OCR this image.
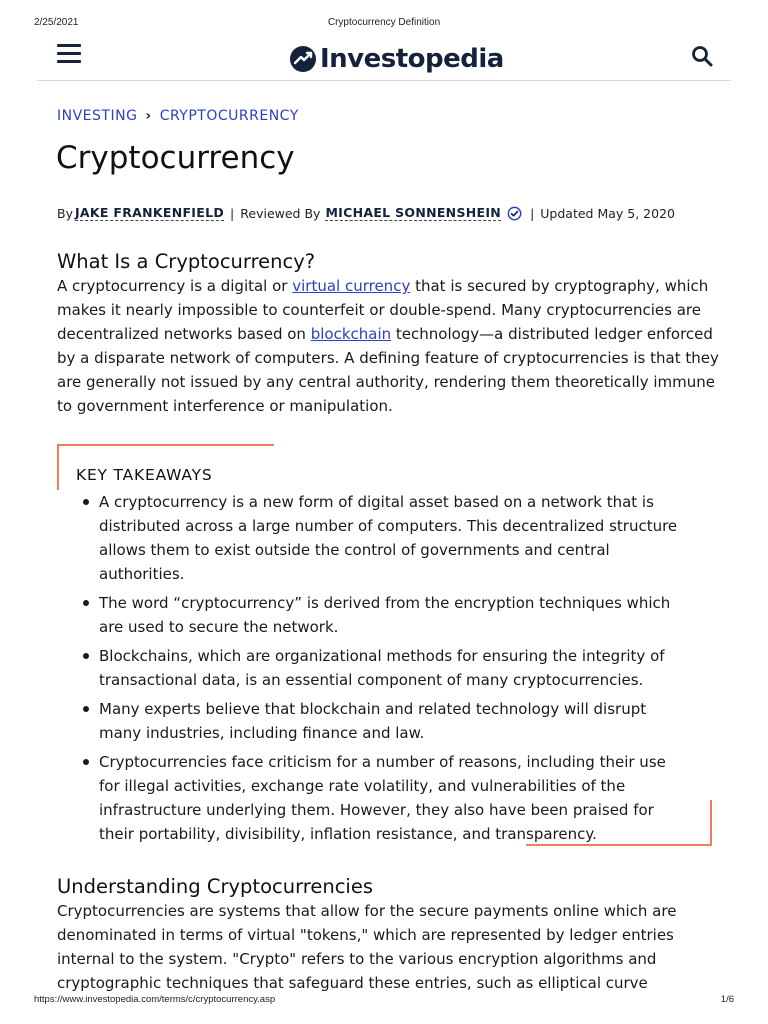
2/25/2021	Cryptocurrency Definition
Investopedia
INVESTING › CRYPTOCURRENCY
Cryptocurrency
By JAKE FRANKENFIELD | Reviewed By MICHAEL SONNENSHEIN | Updated May 5, 2020
What Is a Cryptocurrency?

A cryptocurrency is a digital or virtual currency that is secured by cryptography, which makes it nearly impossible to counterfeit or double-spend. Many cryptocurrencies are decentralized networks based on blockchain technology—a distributed ledger enforced by a disparate network of computers. A defining feature of cryptocurrencies is that they are generally not issued by any central authority, rendering them theoretically immune to government interference or manipulation.

KEY TAKEAWAYS
A cryptocurrency is a new form of digital asset based on a network that is distributed across a large number of computers. This decentralized structure allows them to exist outside the control of governments and central authorities.
The word “cryptocurrency” is derived from the encryption techniques which are used to secure the network.
Blockchains, which are organizational methods for ensuring the integrity of transactional data, is an essential component of many cryptocurrencies.
Many experts believe that blockchain and related technology will disrupt many industries, including finance and law.
Cryptocurrencies face criticism for a number of reasons, including their use for illegal activities, exchange rate volatility, and vulnerabilities of the infrastructure underlying them. However, they also have been praised for their portability, divisibility, inflation resistance, and transparency.
Understanding Cryptocurrencies

Cryptocurrencies are systems that allow for the secure payments online which are denominated in terms of virtual "tokens," which are represented by ledger entries internal to the system. "Crypto" refers to the various encryption algorithms and cryptographic techniques that safeguard these entries, such as elliptical curve

https://www.investopedia.com/terms/c/cryptocurrency.asp	1/6
